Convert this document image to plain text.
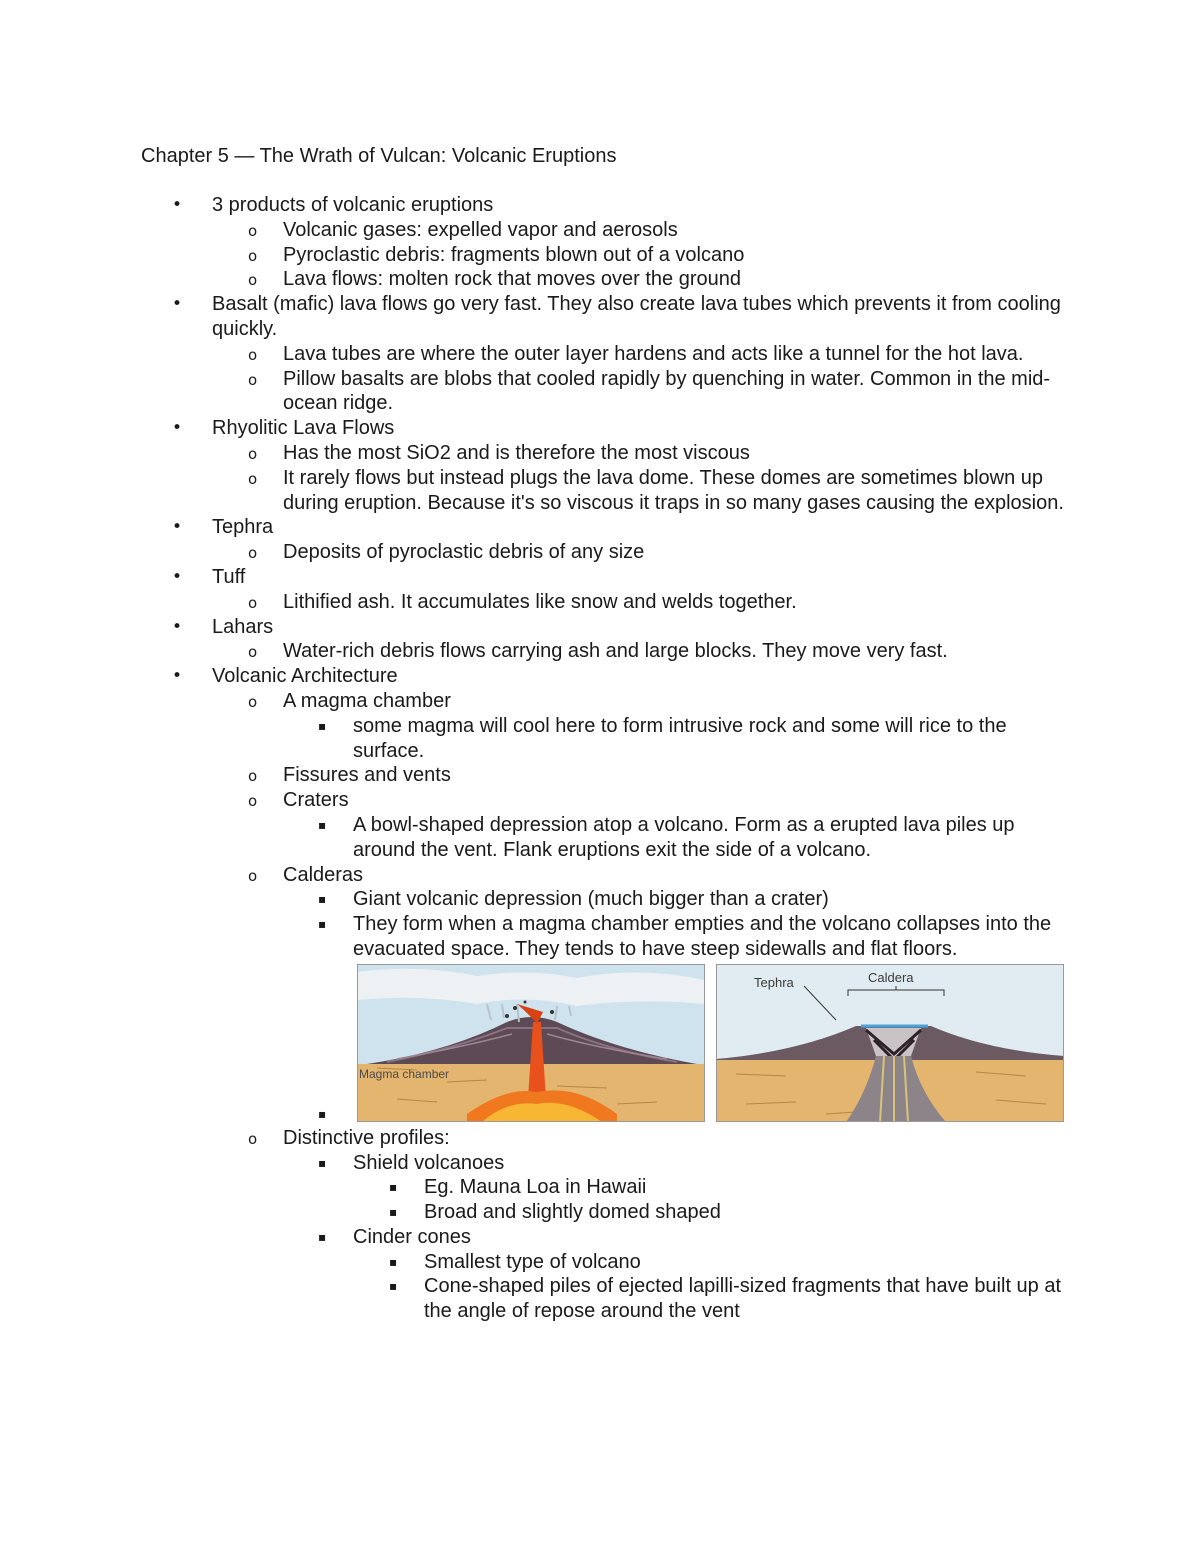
Chapter 5 — The Wrath of Vulcan: Volcanic Eruptions
• 3 products of volcanic eruptions
o Volcanic gases: expelled vapor and aerosols
o Pyroclastic debris: fragments blown out of a volcano
o Lava flows: molten rock that moves over the ground
• Basalt (mafic) lava flows go very fast. They also create lava tubes which prevents it from cooling quickly.
o Lava tubes are where the outer layer hardens and acts like a tunnel for the hot lava.
o Pillow basalts are blobs that cooled rapidly by quenching in water. Common in the mid-ocean ridge.
• Rhyolitic Lava Flows
o Has the most SiO2 and is therefore the most viscous
o It rarely flows but instead plugs the lava dome. These domes are sometimes blown up during eruption. Because it's so viscous it traps in so many gases causing the explosion.
• Tephra
o Deposits of pyroclastic debris of any size
• Tuff
o Lithified ash. It accumulates like snow and welds together.
• Lahars
o Water-rich debris flows carrying ash and large blocks. They move very fast.
• Volcanic Architecture
o A magma chamber
▪ some magma will cool here to form intrusive rock and some will rice to the surface.
o Fissures and vents
o Craters
▪ A bowl-shaped depression atop a volcano. Form as a erupted lava piles up around the vent. Flank eruptions exit the side of a volcano.
o Calderas
▪ Giant volcanic depression (much bigger than a crater)
▪ They form when a magma chamber empties and the volcano collapses into the evacuated space. They tends to have steep sidewalls and flat floors.
▪
Magma chamber
Tephra	Caldera
o Distinctive profiles:
▪ Shield volcanoes
▪ Eg. Mauna Loa in Hawaii
▪ Broad and slightly domed shaped
▪ Cinder cones
▪ Smallest type of volcano
▪ Cone-shaped piles of ejected lapilli-sized fragments that have built up at the angle of repose around the vent
